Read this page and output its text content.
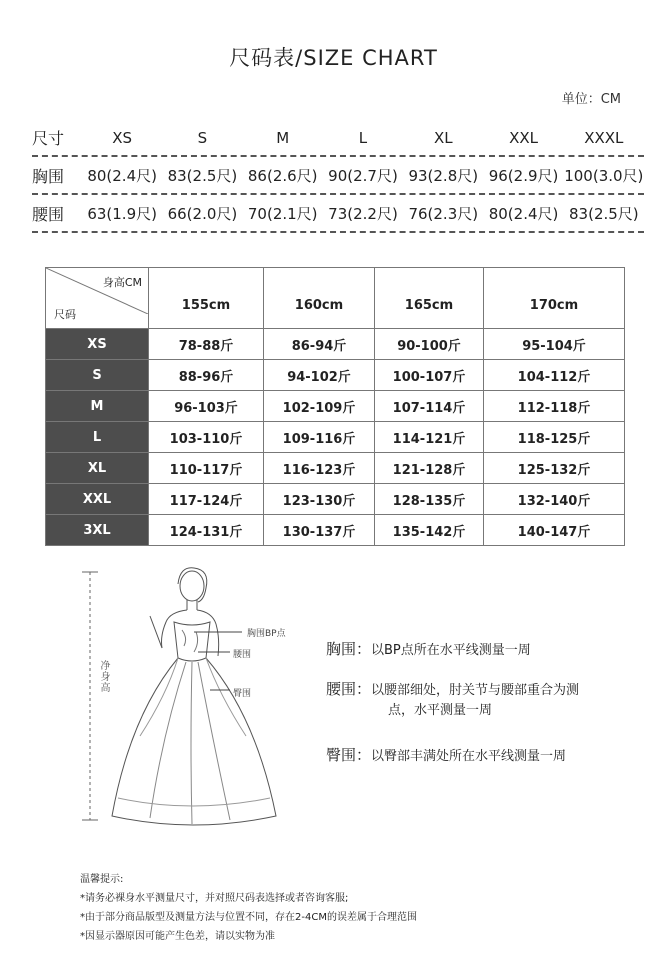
尺码表/SIZE CHART
单位：CM
尺寸	XS	S	M	L	XL	XXL	XXXL
胸围	80(2.4尺) 83(2.5尺) 86(2.6尺) 90(2.7尺) 93(2.8尺) 96(2.9尺) 100(3.0尺)
腰围	63(1.9尺) 66(2.0尺) 70(2.1尺) 73(2.2尺) 76(2.3尺) 80(2.4尺) 83(2.5尺)
身高CM
尺码	155cm	160cm	165cm	170cm
XS	78-88斤	86-94斤	90-100斤	95-104斤
S	88-96斤	94-102斤	100-107斤	104-112斤
M	96-103斤	102-109斤	107-114斤	112-118斤
L	103-110斤	109-116斤	114-121斤	118-125斤
XL	110-117斤	116-123斤	121-128斤	125-132斤
XXL	117-124斤	123-130斤	128-135斤	132-140斤
3XL	124-131斤	130-137斤	135-142斤	140-147斤
胸围BP点
腰围
臀围
净身高
胸围：以BP点所在水平线测量一周
腰围：以腰部细处，肘关节与腰部重合为测
点，水平测量一周
臀围：以臀部丰满处所在水平线测量一周
温馨提示:
*请务必裸身水平测量尺寸，并对照尺码表选择或者咨询客服;
*由于部分商品版型及测量方法与位置不同，存在2-4CM的误差属于合理范围
*因显示器原因可能产生色差，请以实物为准
